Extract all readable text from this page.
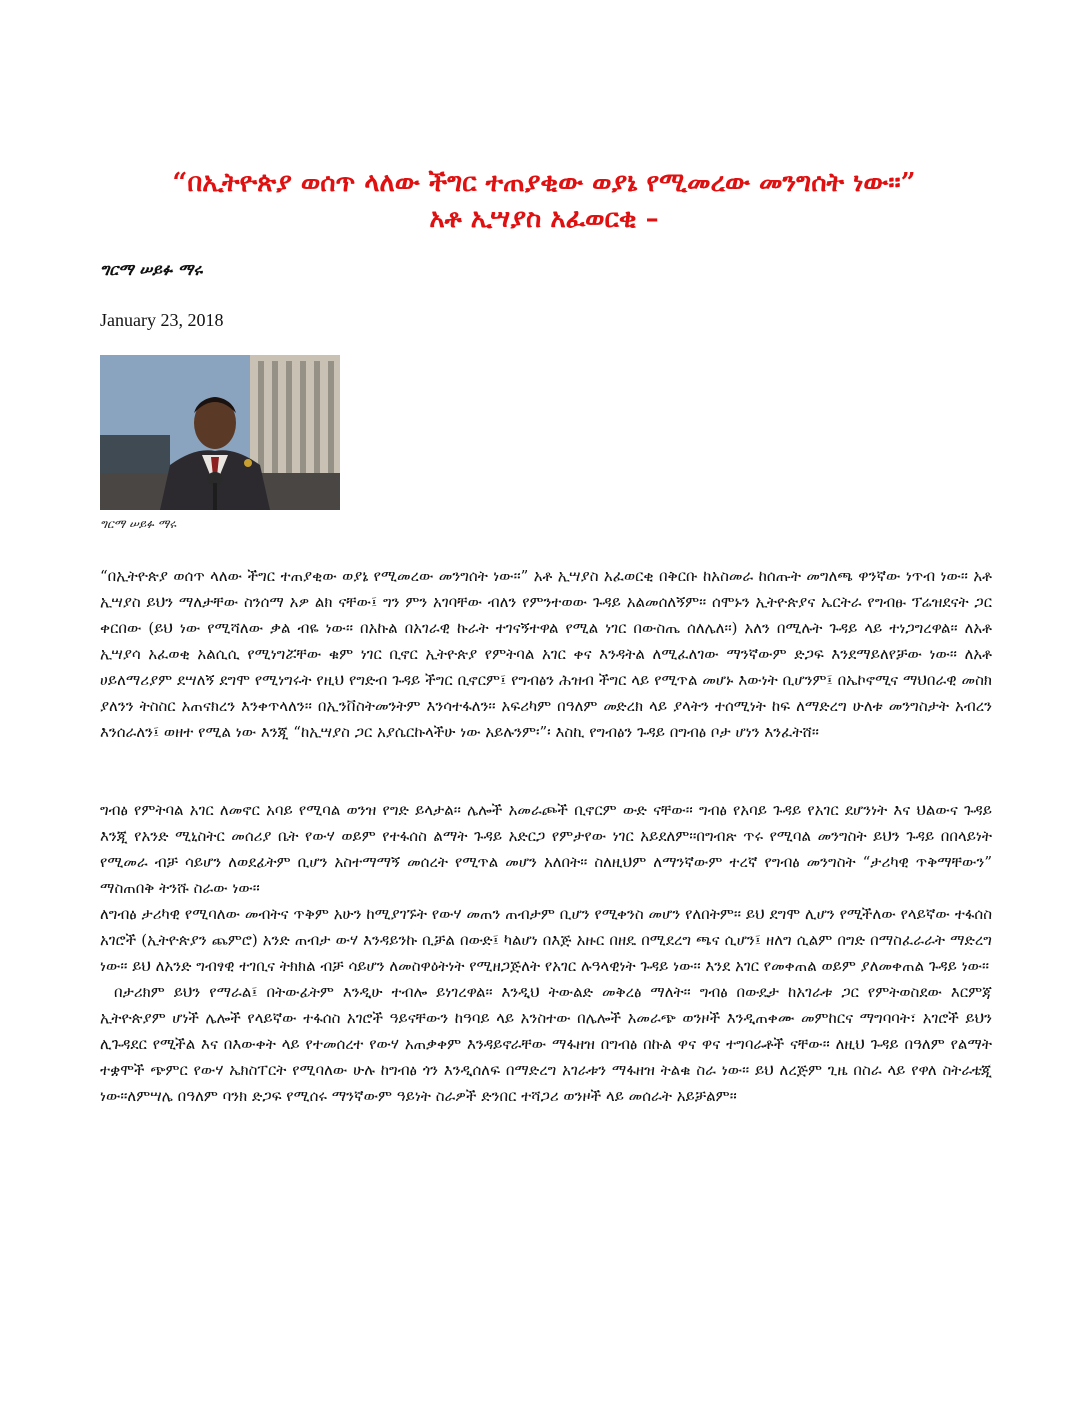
“በኢትዮጵያ ወሰጥ ላለው ችግር ተጠያቂው ወያኔ የሚመረው መንግሰት ነው፡፡”
አቶ ኢሣያስ አፈወርቂ –
ግርማ ሠይፉ ማሩ
January 23, 2018
ግርማ ሠይፉ ማሩ

“በኢትዮጵያ ወሰጥ ላለው ችግር ተጠያቂው ወያኔ የሚመረው መንግሰት ነው፡፡” አቶ ኢሣያስ አፈወርቂ በቅርቡ ከአስመራ ከሰጡት መግለጫ ዋንኛው ነጥብ ነው፡፡ አቶ ኢሣያስ ይህን ማለታቸው ስንሰማ አዎ ልክ ናቸው፤ ግን ምን አገባቸው ብለን የምንተወው ጉዳይ አልመሰለኝም፡፡ ሰሞኑን ኢትዮጵያና ኤርትራ የግብፁ ፕሬዝደናት ጋር ቀርበው (ይህ ነው የሚሻለው ቃል ብዬ ነው፡፡ በአኩል በአገራዊ ኩራት ተገናኝተዋል የሚል ነገር በውስጤ ሰለሌለ፡፡) አለን በሚሉት ጉዳይ ላይ ተነጋግረዋል፡፡ ለአቶ ኢሣያሳ አፈወቂ አልሲሲ የሚነግሯቸው ቁም ነገር ቢኖር ኢትዮጵያ የምትባል አገር ቀና እንዳትል ለሚፈለገው ማንኛውም ድጋፍ እንደማይለየቻው ነው፡፡ ለአቶ ሀይለማሪያም ደሣለኝ ደግሞ የሚነግሩት የዚህ የግድብ ጉዳይ ችግር ቢኖርም፤ የግብፅን ሕዝብ ችግር ላይ የሚጥል መሆኑ እውነት ቢሆንም፤ በኤኮኖሚና ማህበራዊ መስክ ያለንን ትስስር አጠናክረን እንቀጥላለን፡፡ በኢንቨስትመንትም እንሳተፋለን፡፡ አፍሪካም በዓለም መድረክ ላይ ያላትን ተሰሚነት ከፍ ለማድረግ ሁለቱ መንግስታት አብረን እንሰራለን፤ ወዘተ የሚል ነው እንጂ “ከኢሣያስ ጋር አያሴርኩላችሁ ነው አይሉንም፡”፡ እስኪ የግብፅን ጉዳይ በግብፅ ቦታ ሆነን እንፈትሸ፡፡

ግብፅ የምትባል አገር ለመኖር አባይ የሚባል ወንዝ የግድ ይላታል፡፡ ሌሎች አመራጮች ቢኖርም ውድ ናቸው፡፡ ግብፅ የአባይ ጉዳይ የአገር ደሆንነት እና ህልውና ጉዳይ እንጂ የአንድ ሚኒስትር መሰሪያ ቤት የውሃ ወይም የተፋሰስ ልማት ጉዳይ አድርጋ የምታየው ነገር አይደለም፡፡በግብጽ ጥሩ የሚባል መንግስት ይህን ጉዳይ በበላይነት የሚመራ ብቻ ሳይሆን ለወደፊትም ቢሆን አስተማማኝ መሰረት የሚጥል መሆን አለበት፡፡ ስለዚህም ለማንኛውም ተረኛ የግብፅ መንግስት “ታሪካዊ ጥቅማቸውን” ማስጠበቅ ትንሹ ስራው ነው፡፡

ለግብፅ ታሪካዊ የሚባለው መብትና ጥቅም አሁን ከሚያገኙት የውሃ መጠን ጠብታም ቢሆን የሚቀንስ መሆን የለበትም፡፡ ይህ ደግሞ ሊሆን የሚችለው የላይኛው ተፋሰስ አገሮች (ኢትዮጵያን ጨምሮ) አንድ ጠብታ ውሃ እንዳይንኩ ቢቻል በውድ፤ ካልሆነ በእጅ አዙር በዘዴ በሚደረግ ጫና ሲሆን፤ ዘለግ ሲልም በግድ በማስፈራራት ማድረግ ነው፡፡ ይህ ለአንድ ግብፃዊ ተገቢና ትክክል ብቻ ሳይሆን ለመስዋዕትነት የሚዘጋጅለት የአገር ሉዓላዊነት ጉዳይ ነው፡፡ እንደ አገር የመቀጠል ወይም ያለመቀጠል ጉዳይ ነው፡፡

በታሪክም ይህን የማራል፤ በትውፊትም እንዲሁ ተብሎ ይነገረዋል፡፡ እንዲህ ትውልድ መቅረፅ ማለት፡፡ ግብፅ በውዴታ ከአገራቱ ጋር የምትወስደው እርምጃ ኢትዮጵያም ሆነች ሌሎች የላይኛው ተፋሰስ አገሮች ዓይናቸውን ከዓባይ ላይ አንስተው በሌሎች አመራጭ ወንዞች እንዲጠቀሙ መምከርና ማግባባት፣ አገሮች ይህን ሊጉዳደር የሚችል እና በእውቀት ላይ የተመሰረተ የውሃ አጠቃቀም እንዳይኖራቸው ማፋዘዝ በግብፅ በኩል ዋና ዋና ተግባራቶች ናቸው፡፡ ለዚህ ጉዳይ በዓለም የልማት ተቋሞች ጭምር የውሃ ኤክስፐርት የሚባለው ሁሉ ከግብፅ ጎን እንዲሰለፍ በማድረግ አገራቱን ማፋዘዝ ትልቁ ስራ ነው፡፡ ይህ ለረጅም ጊዜ በስራ ላይ የዋለ ስትራቴጂ ነው፡፡ለምሣሌ በዓለም ባንክ ድጋፍ የሚሰሩ ማንኛውም ዓይነት ስራዎች ድንበር ተሻጋሪ ወንዞች ላይ መሰራት አይቻልም፡፡
